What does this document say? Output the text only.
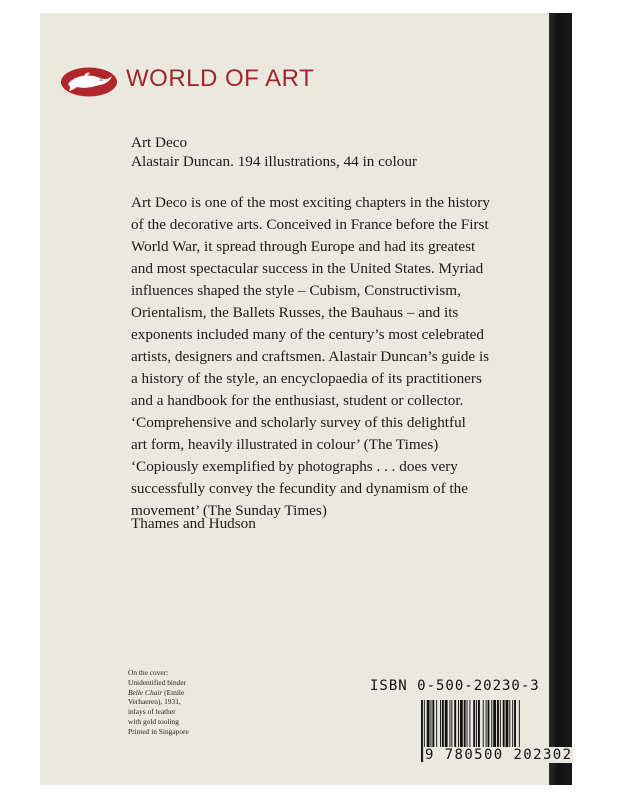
WORLD OF ART
Art Deco
Alastair Duncan. 194 illustrations, 44 in colour
Art Deco is one of the most exciting chapters in the history
of the decorative arts. Conceived in France before the First
World War, it spread through Europe and had its greatest
and most spectacular success in the United States. Myriad
influences shaped the style – Cubism, Constructivism,
Orientalism, the Ballets Russes, the Bauhaus – and its
exponents included many of the century’s most celebrated
artists, designers and craftsmen. Alastair Duncan’s guide is
a history of the style, an encyclopaedia of its practitioners
and a handbook for the enthusiast, student or collector.
‘Comprehensive and scholarly survey of this delightful
art form, heavily illustrated in colour’ (The Times)
‘Copiously exemplified by photographs . . . does very
successfully convey the fecundity and dynamism of the
movement’ (The Sunday Times)
Thames and Hudson
On the cover:
Unidentified binder
Belle Chair (Emile
Verhaeren), 1931,
inlays of leather
with gold tooling
Printed in Singapore
ISBN 0-500-20230-3
9 780500 202302
